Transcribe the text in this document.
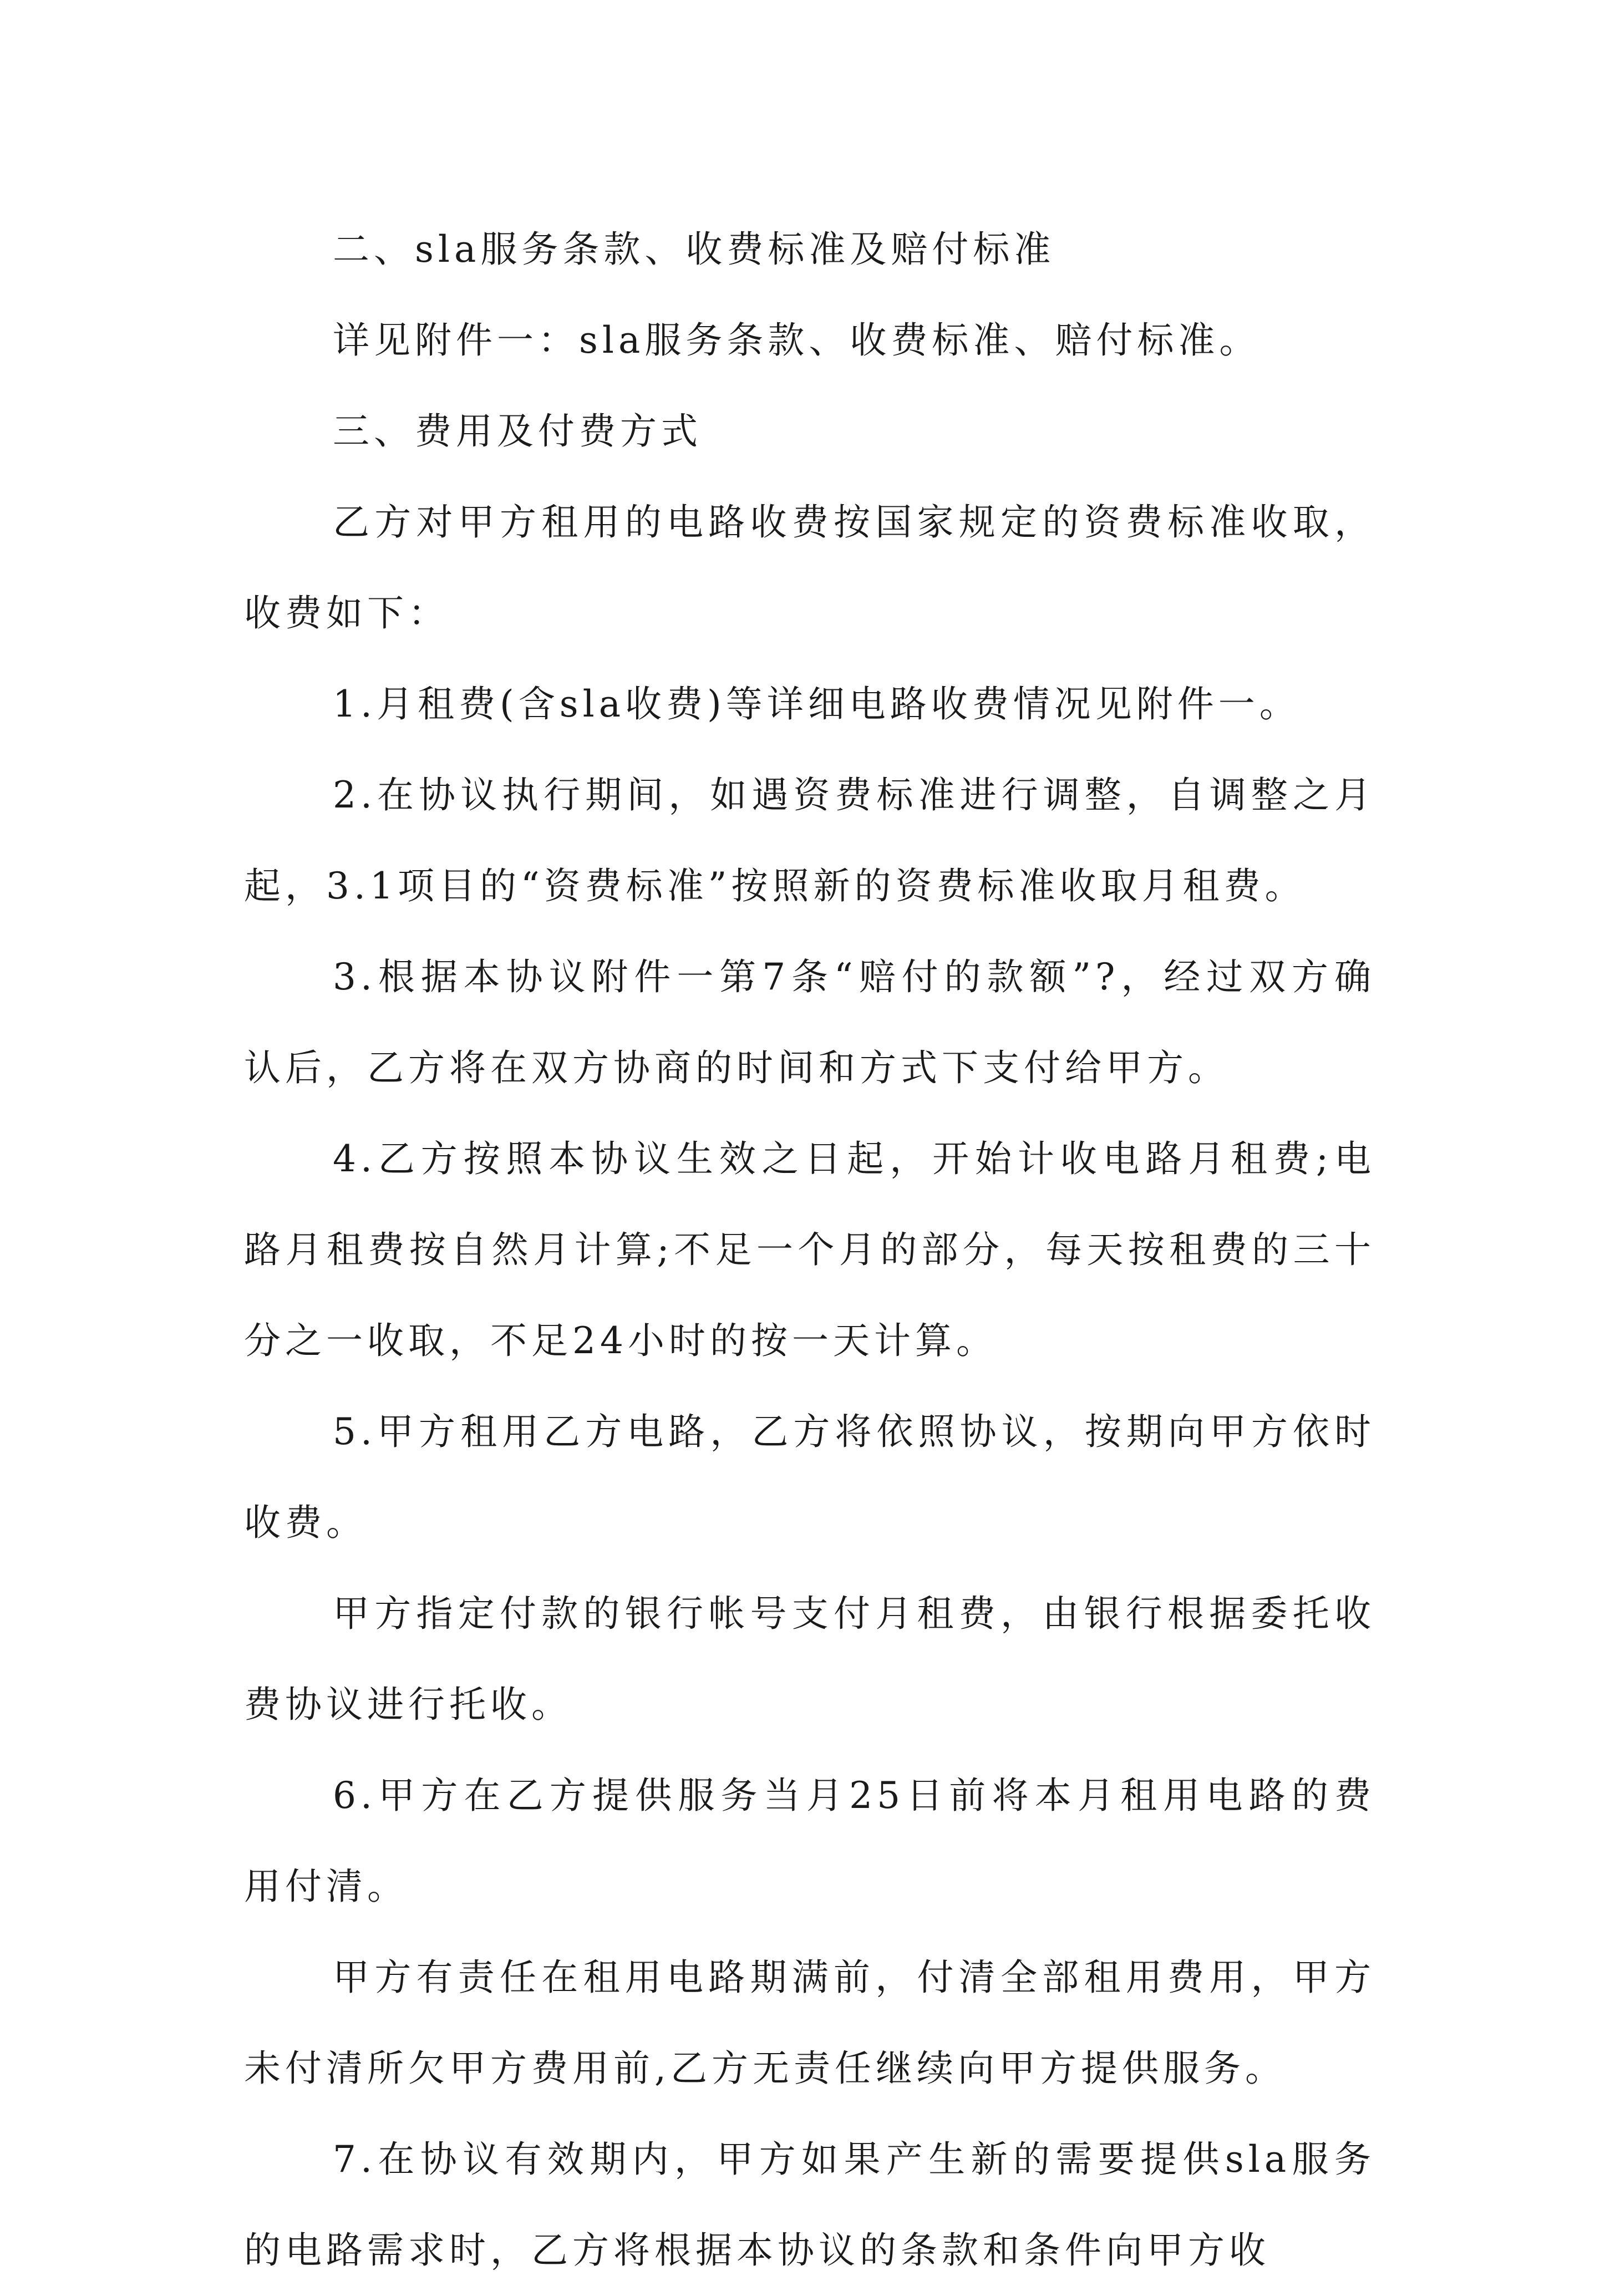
二、sla服务条款、收费标准及赔付标准

详见附件一：sla服务条款、收费标准、赔付标准。

三、费用及付费方式

乙方对甲方租用的电路收费按国家规定的资费标准收取，收费如下：

1.月租费(含sla收费)等详细电路收费情况见附件一。

2.在协议执行期间，如遇资费标准进行调整，自调整之月起，3.1项目的“资费标准”按照新的资费标准收取月租费。

3.根据本协议附件一第7条“赔付的款额”?，经过双方确认后，乙方将在双方协商的时间和方式下支付给甲方。

4.乙方按照本协议生效之日起，开始计收电路月租费;电路月租费按自然月计算;不足一个月的部分，每天按租费的三十分之一收取，不足24小时的按一天计算。

5.甲方租用乙方电路，乙方将依照协议，按期向甲方依时收费。

甲方指定付款的银行帐号支付月租费，由银行根据委托收费协议进行托收。

6.甲方在乙方提供服务当月25日前将本月租用电路的费用付清。

甲方有责任在租用电路期满前，付清全部租用费用，甲方未付清所欠甲方费用前,乙方无责任继续向甲方提供服务。

7.在协议有效期内，甲方如果产生新的需要提供sla服务的电路需求时，乙方将根据本协议的条款和条件向甲方收
